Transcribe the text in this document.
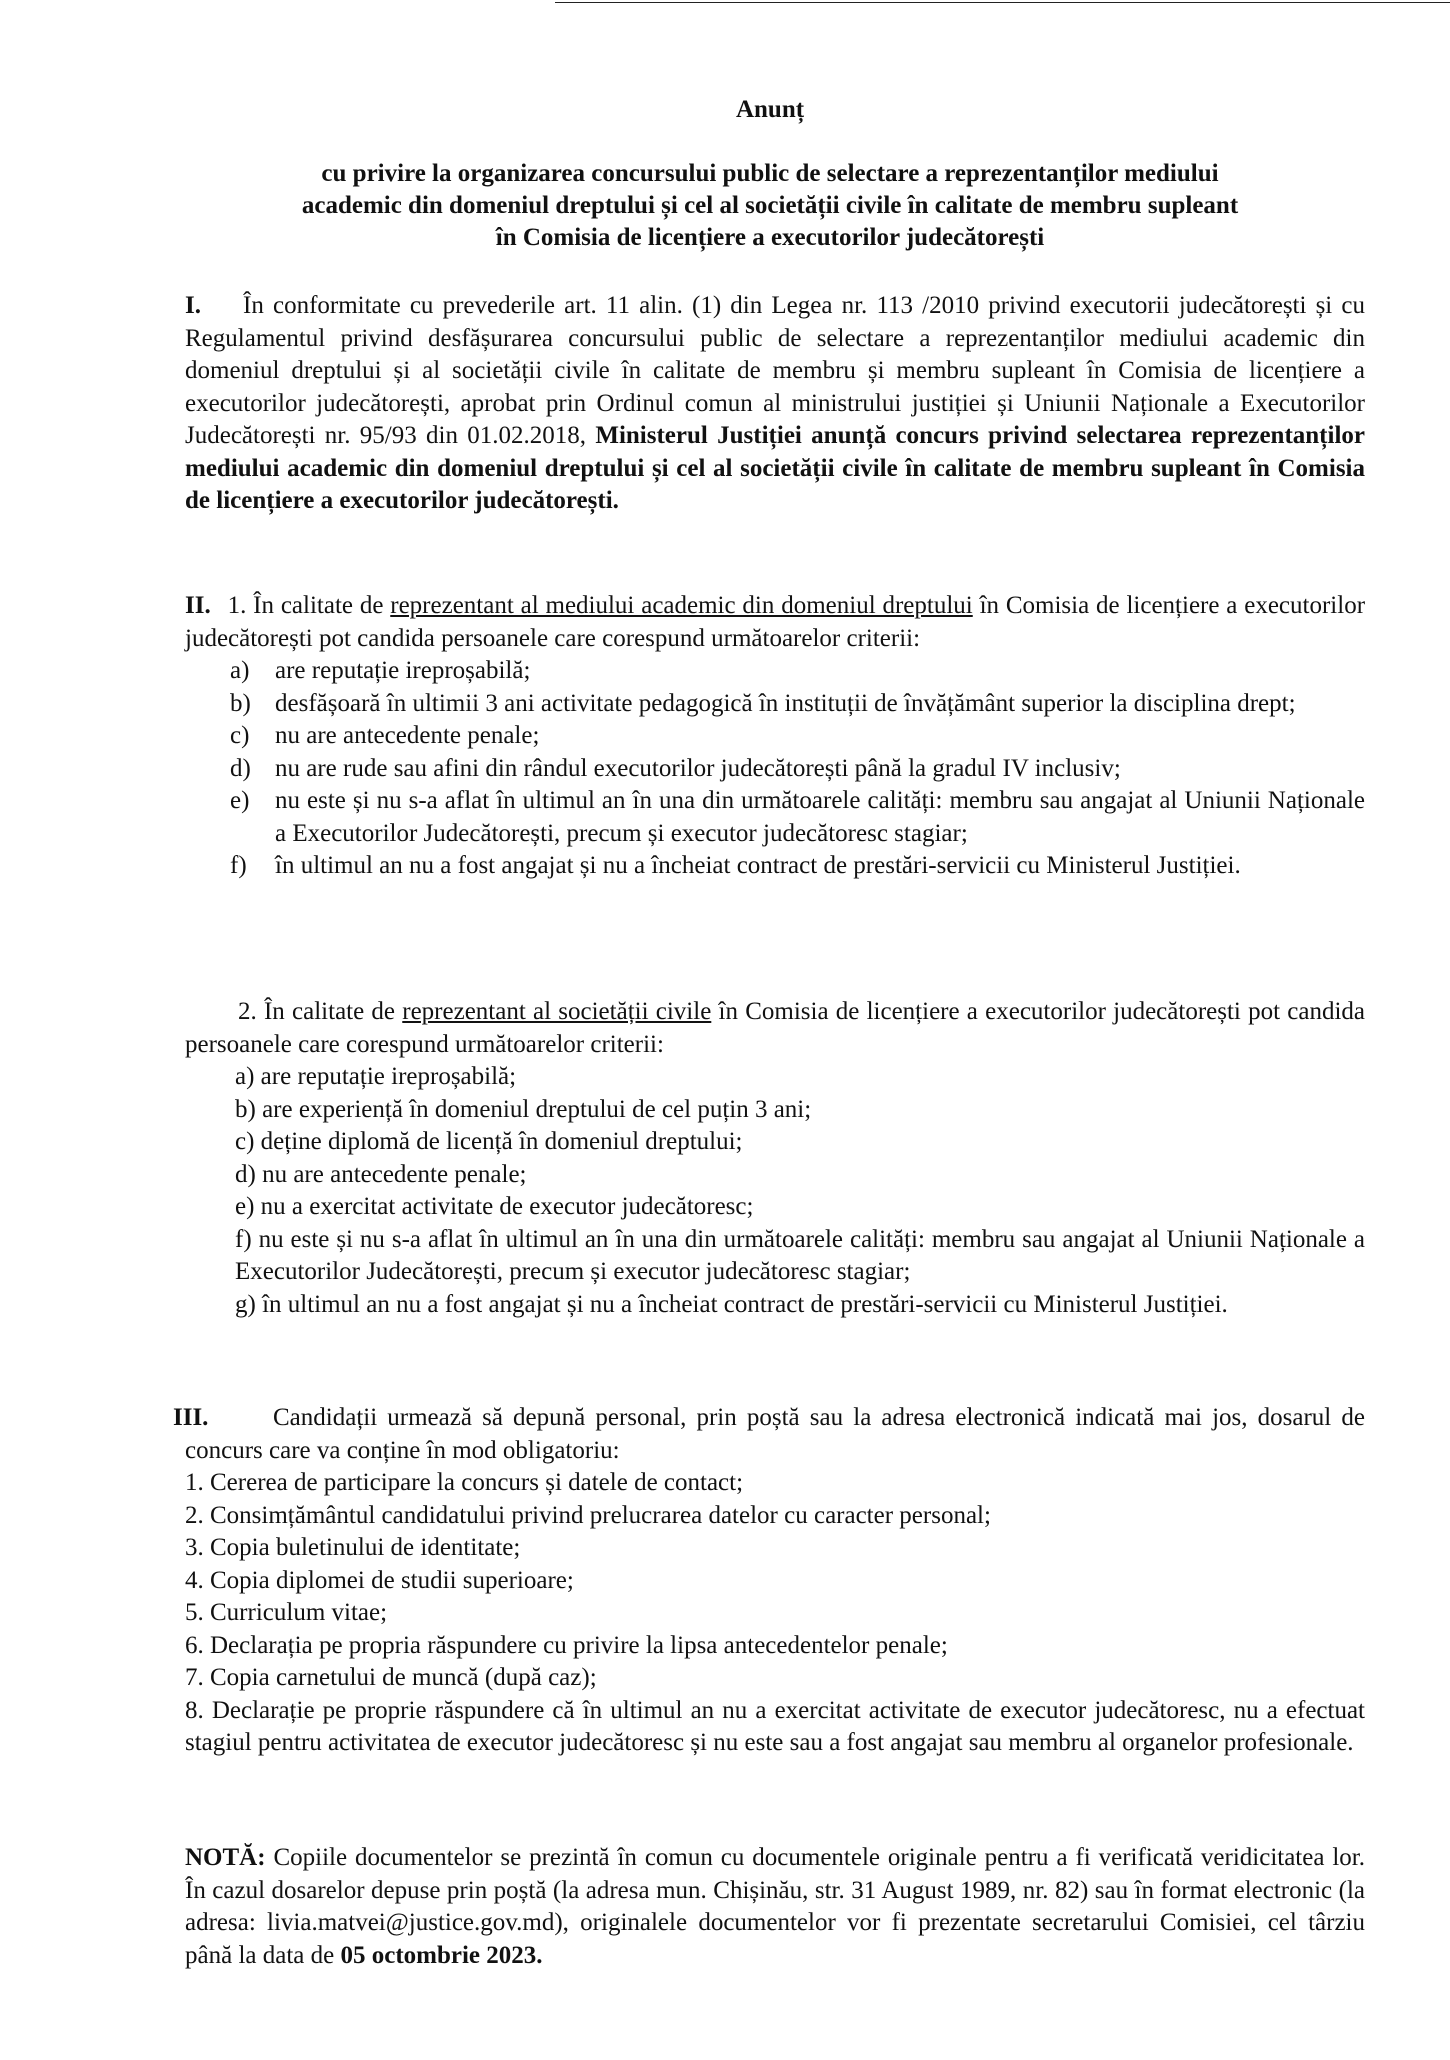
Anunț
cu privire la organizarea concursului public de selectare a reprezentanților mediului
academic din domeniul dreptului și cel al societății civile în calitate de membru supleant
în Comisia de licențiere a executorilor judecătorești

I. În conformitate cu prevederile art. 11 alin. (1) din Legea nr. 113 /2010 privind executorii judecătorești și cu Regulamentul privind desfășurarea concursului public de selectare a reprezentanților mediului academic din domeniul dreptului și al societății civile în calitate de membru și membru supleant în Comisia de licențiere a executorilor judecătorești, aprobat prin Ordinul comun al ministrului justiției și Uniunii Naționale a Executorilor Judecătorești nr. 95/93 din 01.02.2018, Ministerul Justiției anunță concurs privind selectarea reprezentanților mediului academic din domeniul dreptului și cel al societății civile în calitate de membru supleant în Comisia de licențiere a executorilor judecătorești.

II. 1. În calitate de reprezentant al mediului academic din domeniul dreptului în Comisia de licențiere a executorilor judecătorești pot candida persoanele care corespund următoarelor criterii:

a)	are reputație ireproșabilă;
b) desfășoară în ultimii 3 ani activitate pedagogică în instituții de învățământ superior la disciplina drept;
c)	nu are antecedente penale;
d) nu are rude sau afini din rândul executorilor judecătorești până la gradul IV inclusiv;
e)	nu este și nu s-a aflat în ultimul an în una din următoarele calități: membru sau angajat al Uniunii Naționale a Executorilor Judecătorești, precum și executor judecătoresc stagiar;
f)	în ultimul an nu a fost angajat și nu a încheiat contract de prestări-servicii cu Ministerul Justiției.

2. În calitate de reprezentant al societății civile în Comisia de licențiere a executorilor judecătorești pot candida persoanele care corespund următoarelor criterii:

a) are reputație ireproșabilă;
b) are experiență în domeniul dreptului de cel puțin 3 ani;
c) deține diplomă de licență în domeniul dreptului;
d) nu are antecedente penale;
e) nu a exercitat activitate de executor judecătoresc;
f) nu este și nu s-a aflat în ultimul an în una din următoarele calități: membru sau angajat al Uniunii Naționale a Executorilor Judecătorești, precum și executor judecătoresc stagiar;
g) în ultimul an nu a fost angajat și nu a încheiat contract de prestări-servicii cu Ministerul Justiției.

III.	Candidații urmează să depună personal, prin poștă sau la adresa electronică indicată mai jos, dosarul de concurs care va conține în mod obligatoriu:

1. Cererea de participare la concurs și datele de contact;
2. Consimțământul candidatului privind prelucrarea datelor cu caracter personal;
3. Copia buletinului de identitate;
4. Copia diplomei de studii superioare;
5. Curriculum vitae;
6. Declarația pe propria răspundere cu privire la lipsa antecedentelor penale;
7. Copia carnetului de muncă (după caz);
8. Declarație pe proprie răspundere că în ultimul an nu a exercitat activitate de executor judecătoresc, nu a efectuat stagiul pentru activitatea de executor judecătoresc și nu este sau a fost angajat sau membru al organelor profesionale.

NOTĂ: Copiile documentelor se prezintă în comun cu documentele originale pentru a fi verificată veridicitatea lor. În cazul dosarelor depuse prin poștă (la adresa mun. Chișinău, str. 31 August 1989, nr. 82) sau în format electronic (la adresa: livia.matvei@justice.gov.md), originalele documentelor vor fi prezentate secretarului Comisiei, cel târziu până la data de 05 octombrie 2023.
